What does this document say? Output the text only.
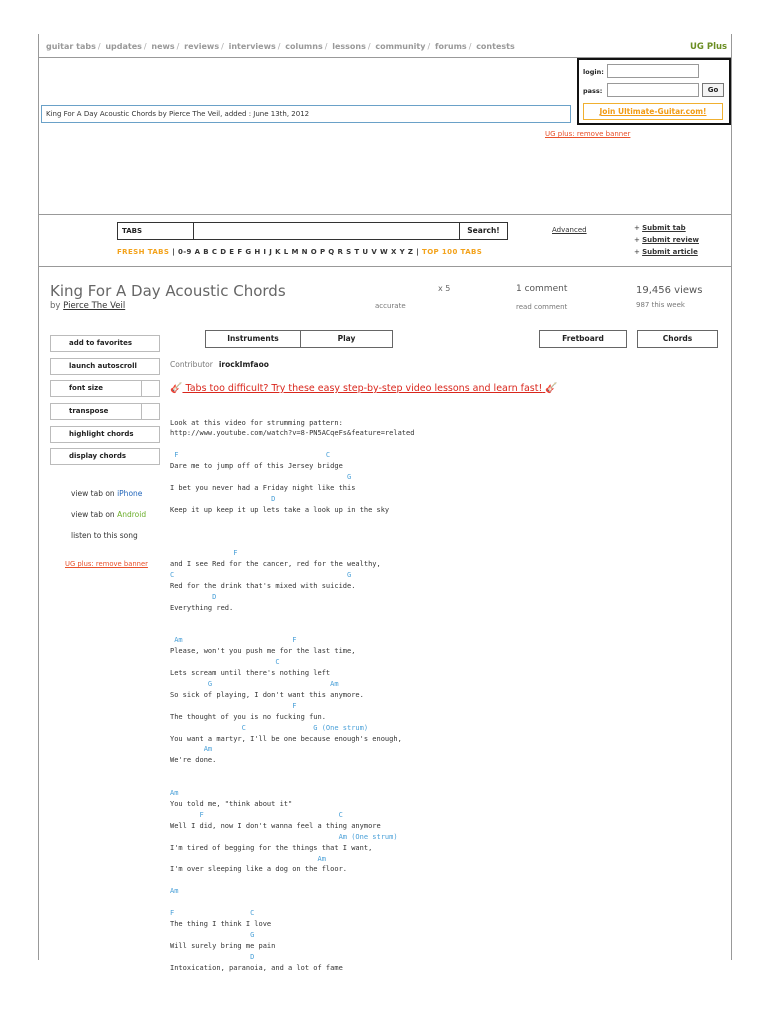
guitar tabs / updates / news / reviews / interviews / columns / lessons / community / forums / contests	UG Plus
login:
pass:	Go
Join Ultimate-Guitar.com!
King For A Day Acoustic Chords by Pierce The Veil, added : June 13th, 2012
UG plus: remove banner
TABS	Search!	Advanced	+ Submit tab
+ Submit review
+ Submit article
FRESH TABS | 0-9 A B C D E F G H I J K L M N O P Q R S T U V W X Y Z | TOP 100 TABS
King For A Day Acoustic Chords
by Pierce The Veil
x 5
accurate
1 comment
read comment
19,456 views
987 this week
add to favorites
launch autoscroll
font size
transpose
highlight chords
display chords
view tab on iPhone
view tab on Android
listen to this song
UG plus: remove banner
Instruments	Play	Fretboard	Chords
Contributor irockImfaoo
🎸 Tabs too difficult? Try these easy step-by-step video lessons and learn fast! 🎸

Look at this video for strumming pattern:
http://www.youtube.com/watch?v=8-PN5ACqeFs&feature=related

F                                   C
Dare me to jump off of this Jersey bridge
G
I bet you never had a Friday night like this
D
Keep it up keep it up lets take a look up in the sky

F
and I see Red for the cancer, red for the wealthy,
C                                         G
Red for the drink that's mixed with suicide.
D
Everything red.

Am                          F
Please, won't you push me for the last time,
C
Lets scream until there's nothing left
G                            Am
So sick of playing, I don't want this anymore.
F
The thought of you is no fucking fun.
C                G (One strum)
You want a martyr, I'll be one because enough's enough,
Am
We're done.

Am
You told me, "think about it"
F                                C
Well I did, now I don't wanna feel a thing anymore
Am (One strum)
I'm tired of begging for the things that I want,
Am
I'm over sleeping like a dog on the floor.

Am

F                  C
The thing I think I love
G
Will surely bring me pain
D
Intoxication, paranoia, and a lot of fame
